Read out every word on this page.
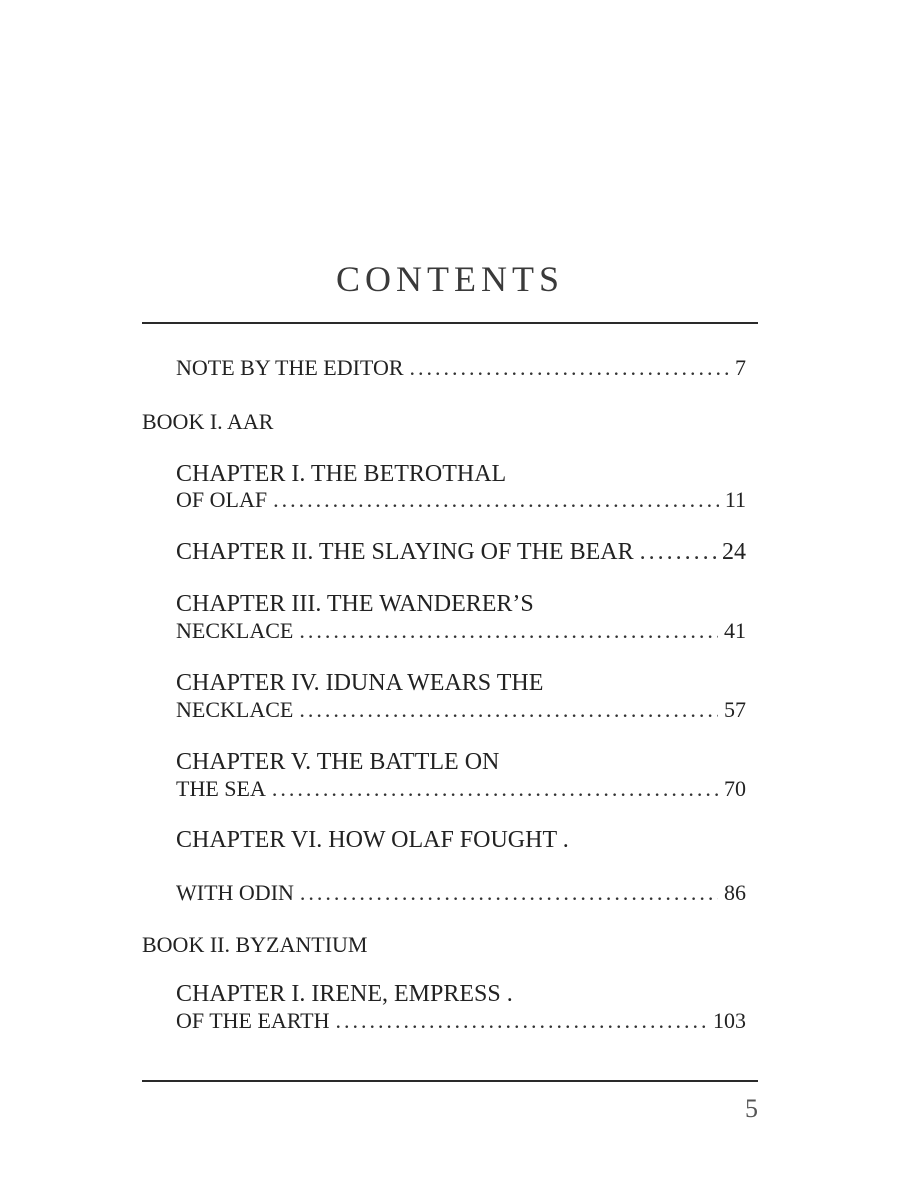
CONTENTS
NOTE BY THE EDITOR .....	7
BOOK I. AAR
CHAPTER I. THE BETROTHAL
OF OLAF .....	11
CHAPTER II. THE SLAYING OF THE BEAR .....	24
CHAPTER III. THE WANDERER’S
NECKLACE .....	41
CHAPTER IV. IDUNA WEARS THE
NECKLACE .....	57
CHAPTER V. THE BATTLE ON
THE SEA .....	70
CHAPTER VI. HOW OLAF FOUGHT .
WITH ODIN .....	86
BOOK II. BYZANTIUM
CHAPTER I. IRENE, EMPRESS .
OF THE EARTH .....	103
5
